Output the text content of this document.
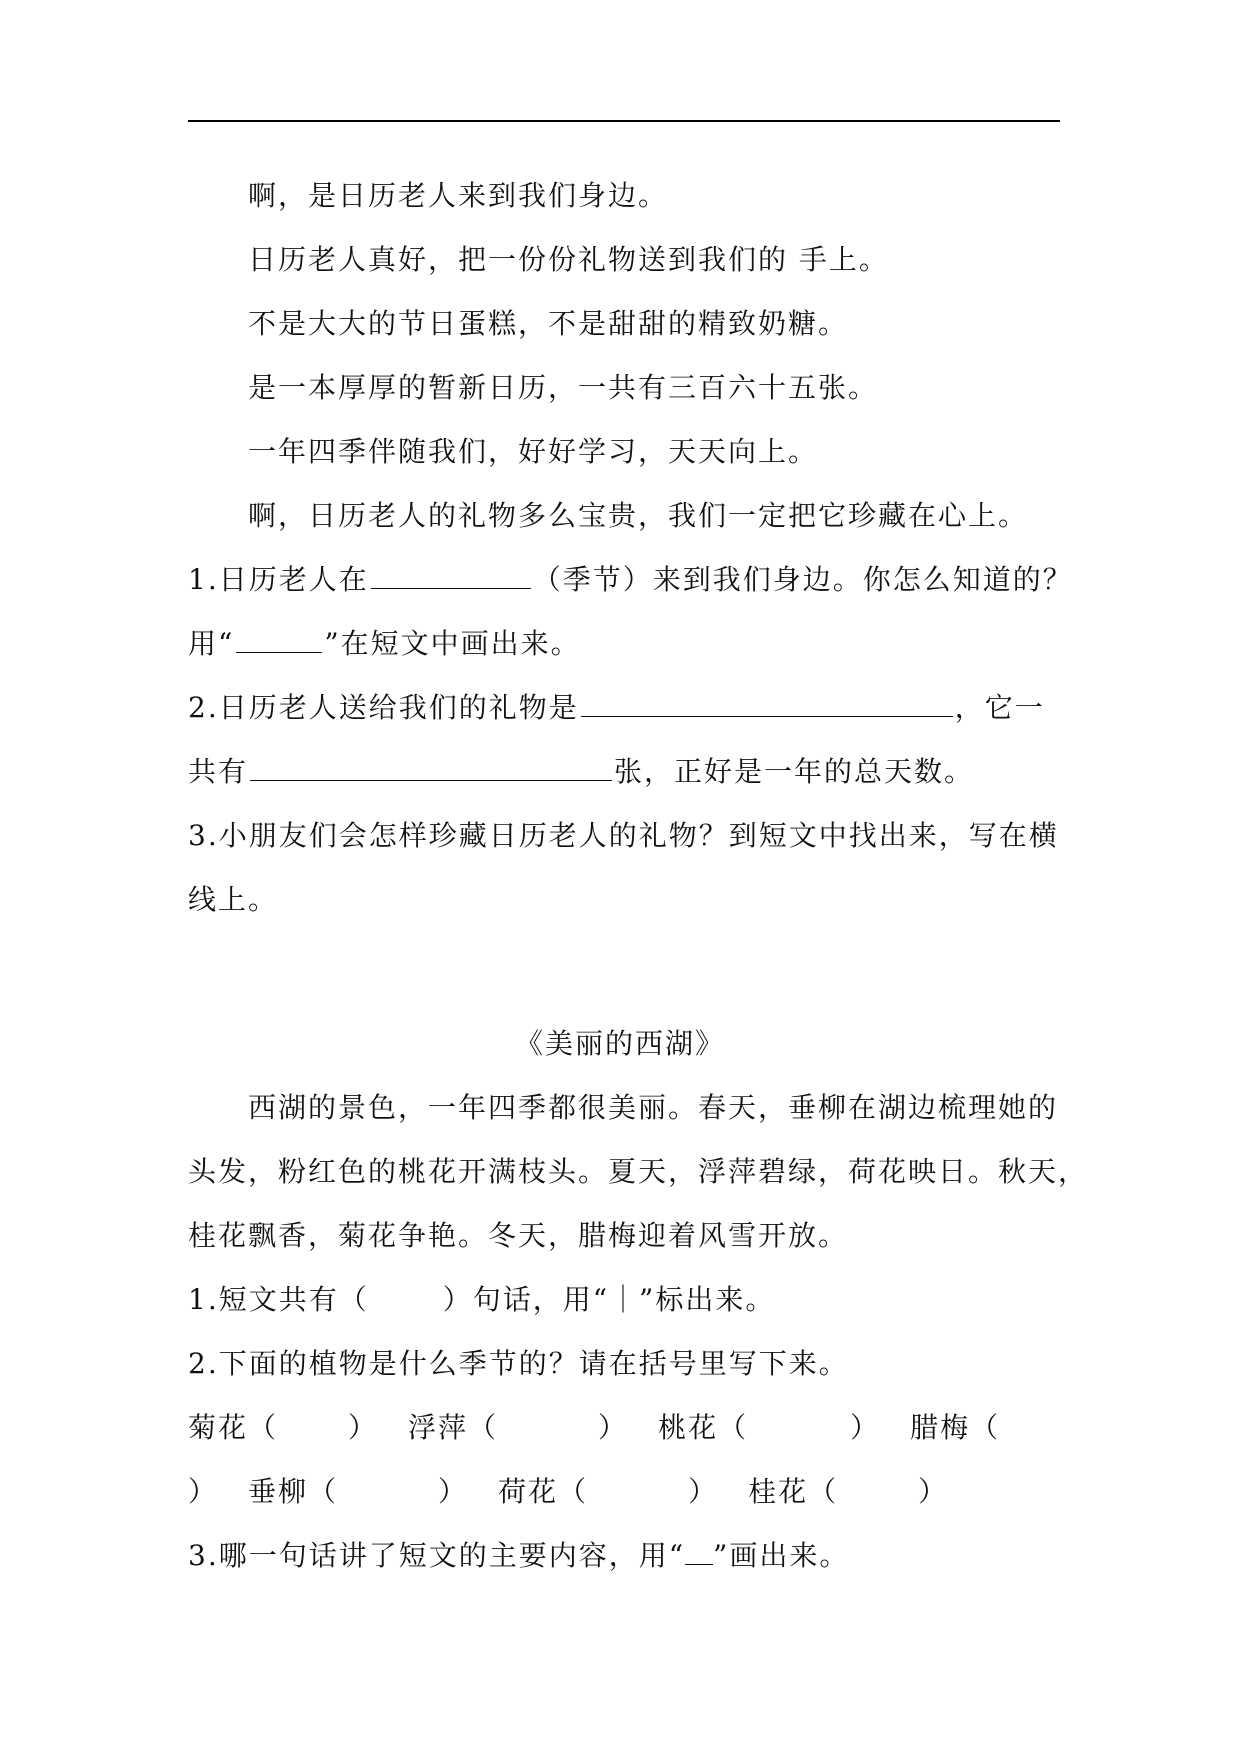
啊，是日历老人来到我们身边。
日历老人真好，把一份份礼物送到我们的 手上。
不是大大的节日蛋糕，不是甜甜的精致奶糖。
是一本厚厚的暂新日历，一共有三百六十五张。
一年四季伴随我们，好好学习，天天向上。
啊，日历老人的礼物多么宝贵，我们一定把它珍藏在心上。
1.日历老人在	（季节）来到我们身边。你怎么知道的？
用“	”在短文中画出来。
2.日历老人送给我们的礼物是	，它一
共有	张，正好是一年的总天数。
3.小朋友们会怎样珍藏日历老人的礼物？到短文中找出来，写在横
线上。
《美丽的西湖》
西湖的景色，一年四季都很美丽。春天，垂柳在湖边梳理她的
头发，粉红色的桃花开满枝头。夏天，浮萍碧绿，荷花映日。秋天，
桂花飘香，菊花争艳。冬天，腊梅迎着风雪开放。
1.短文共有（	）句话，用“｜”标出来。
2.下面的植物是什么季节的？请在括号里写下来。
菊花（	） 浮萍（	） 桃花（	） 腊梅（
） 垂柳（	） 荷花（	） 桂花（	）
3.哪一句话讲了短文的主要内容，用“ ”画出来。
